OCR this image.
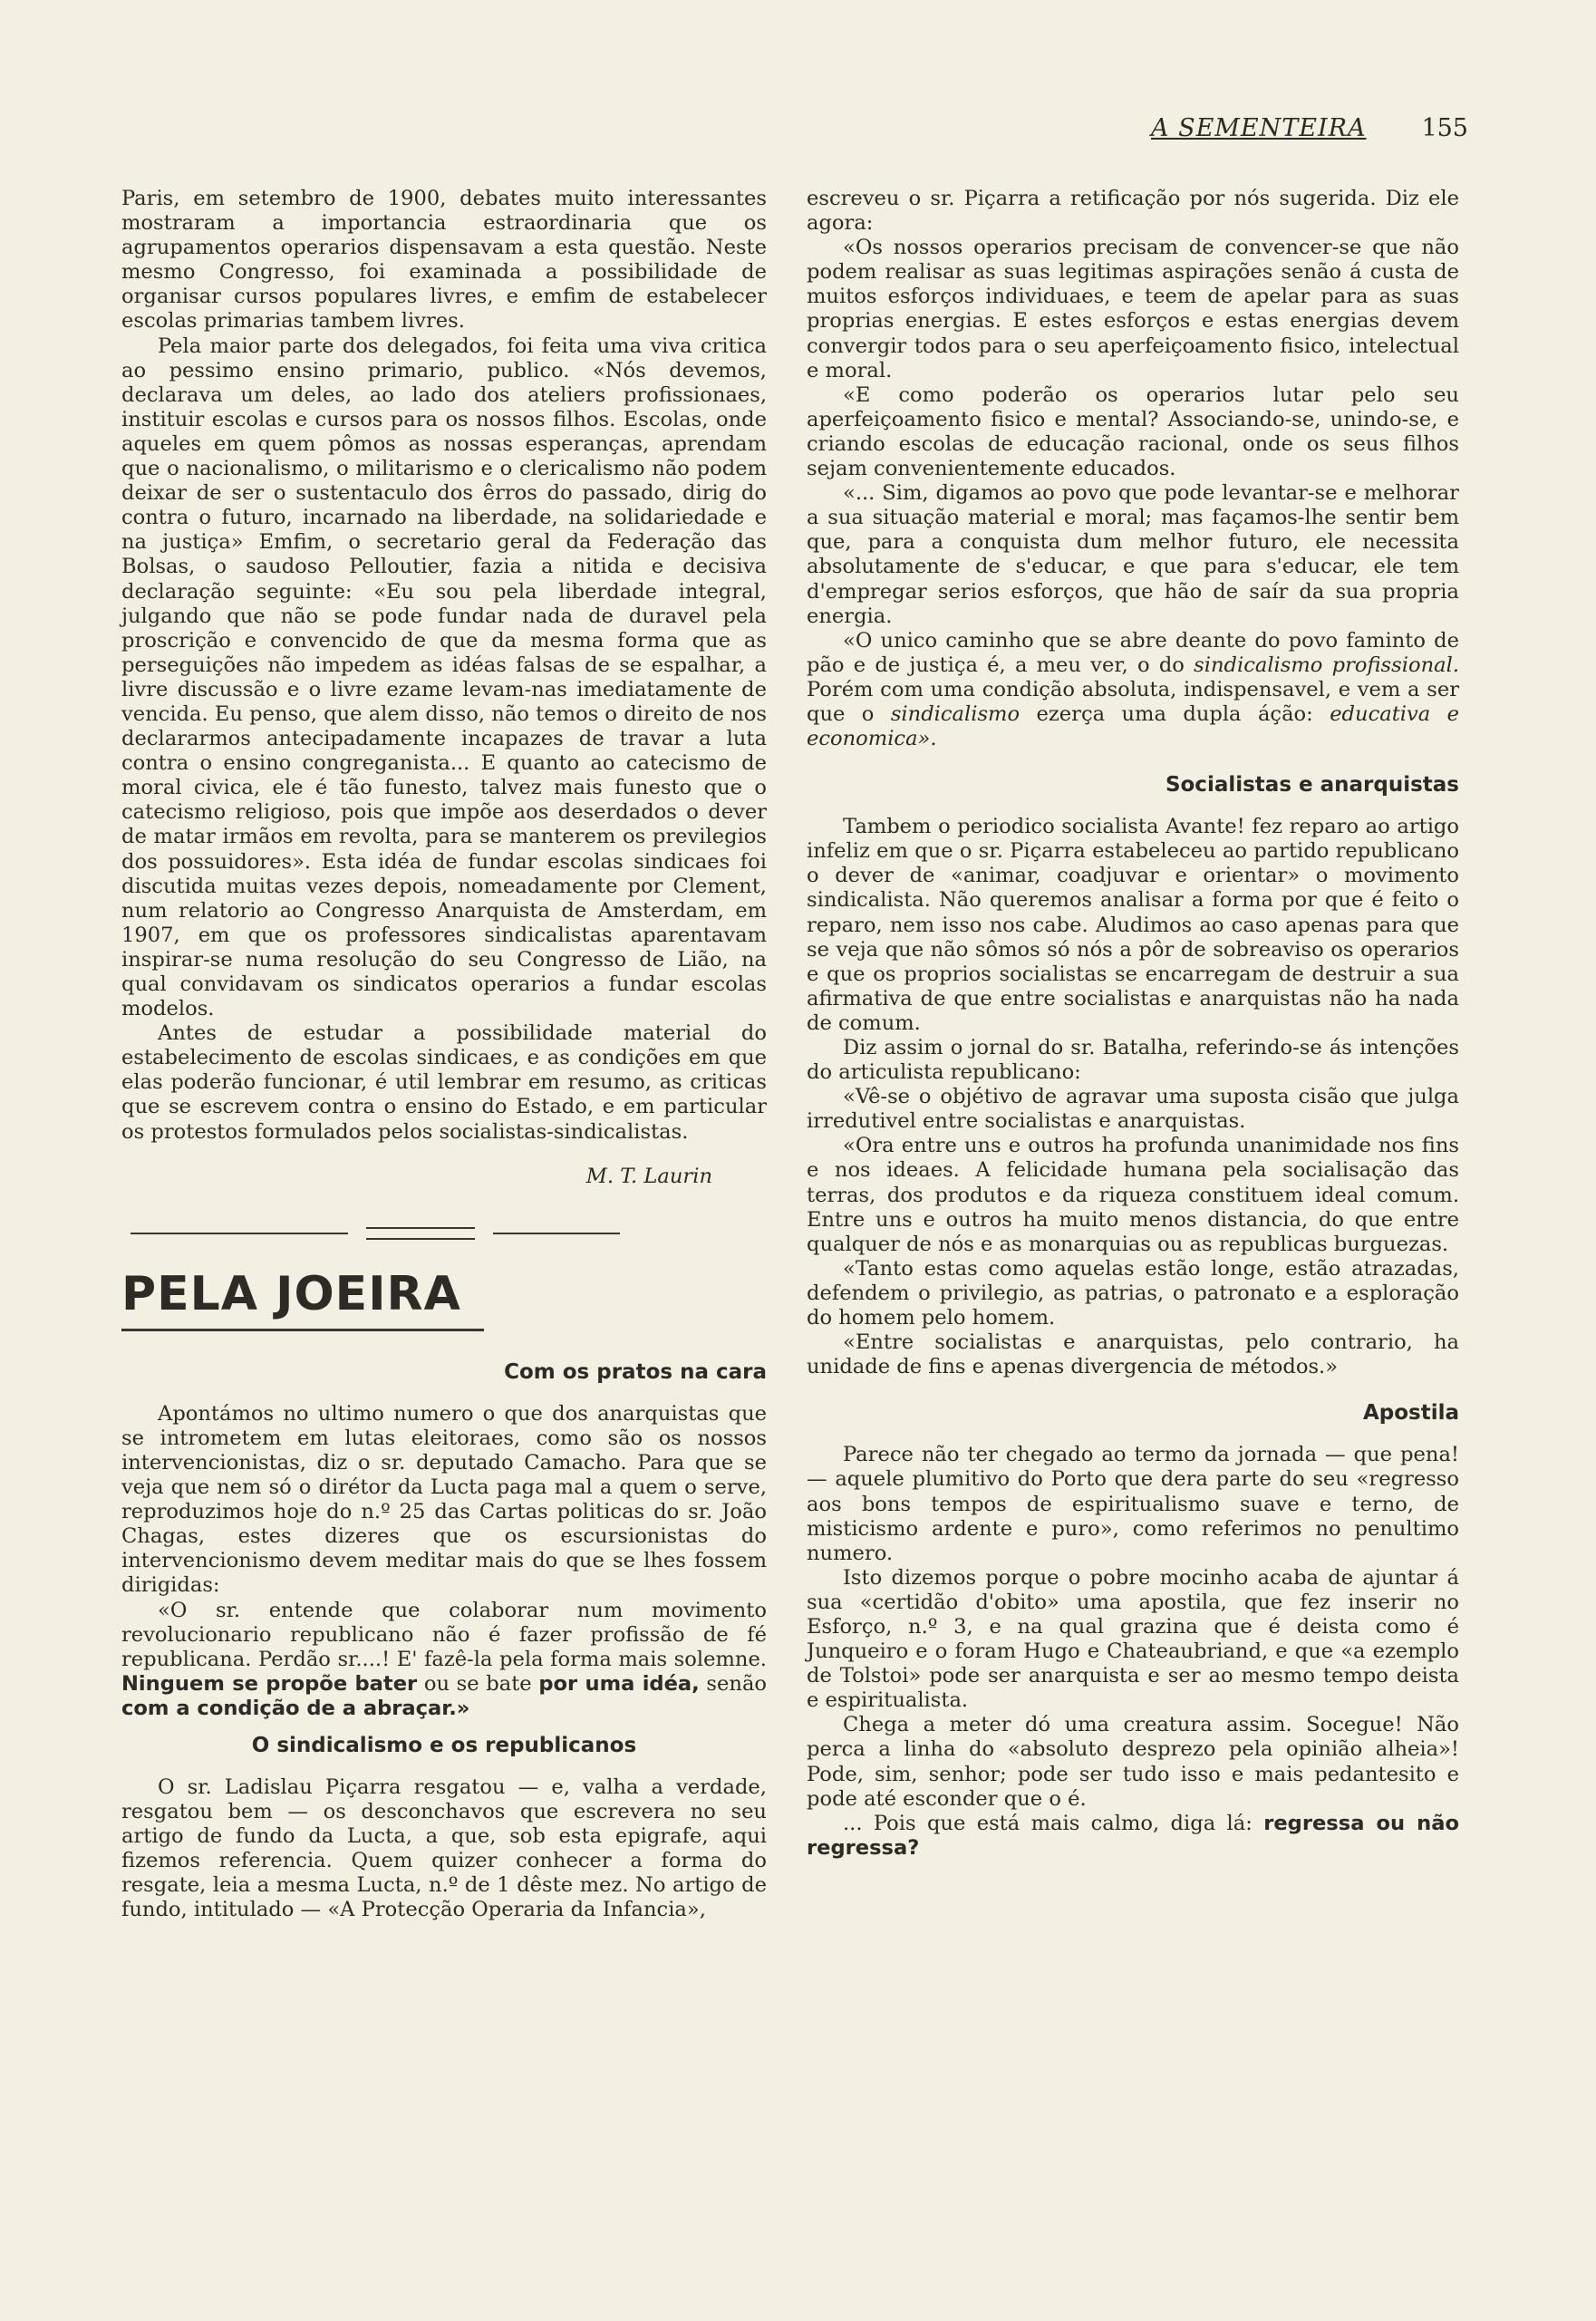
A SEMENTEIRA 155

Paris, em setembro de 1900, debates muito interessantes mostraram a importancia estraordinaria que os agrupamentos operarios dispensavam a esta questão. Neste mesmo Congresso, foi examinada a possibilidade de organisar cursos populares livres, e emfim de estabelecer escolas primarias tambem livres.

Pela maior parte dos delegados, foi feita uma viva critica ao pessimo ensino primario, publico. «Nós devemos, declarava um deles, ao lado dos ateliers profissionaes, instituir escolas e cursos para os nossos filhos. Escolas, onde aqueles em quem pômos as nossas esperanças, aprendam que o nacionalismo, o militarismo e o clericalismo não podem deixar de ser o sustentaculo dos êrros do passado, dirig do contra o futuro, incarnado na liberdade, na solidariedade e na justiça» Emfim, o secretario geral da Federação das Bolsas, o saudoso Pelloutier, fazia a nitida e decisiva declaração seguinte: «Eu sou pela liberdade integral, julgando que não se pode fundar nada de duravel pela proscrição e convencido de que da mesma forma que as perseguições não impedem as idéas falsas de se espalhar, a livre discussão e o livre ezame levam-nas imediatamente de vencida. Eu penso, que alem disso, não temos o direito de nos declararmos antecipadamente incapazes de travar a luta contra o ensino congreganista... E quanto ao catecismo de moral civica, ele é tão funesto, talvez mais funesto que o catecismo religioso, pois que impõe aos deserdados o dever de matar irmãos em revolta, para se manterem os previlegios dos possuidores». Esta idéa de fundar escolas sindicaes foi discutida muitas vezes depois, nomeadamente por Clement, num relatorio ao Congresso Anarquista de Amsterdam, em 1907, em que os professores sindicalistas aparentavam inspirar-se numa resolução do seu Congresso de Lião, na qual convidavam os sindicatos operarios a fundar escolas modelos.

Antes de estudar a possibilidade material do estabelecimento de escolas sindicaes, e as condições em que elas poderão funcionar, é util lembrar em resumo, as criticas que se escrevem contra o ensino do Estado, e em particular os protestos formulados pelos socialistas-sindicalistas.

M. T. Laurin
PELA JOEIRA
Com os pratos na cara

Apontámos no ultimo numero o que dos anarquistas que se intrometem em lutas eleitoraes, como são os nossos intervencionistas, diz o sr. deputado Camacho. Para que se veja que nem só o dirétor da Lucta paga mal a quem o serve, reproduzimos hoje do n.º 25 das Cartas politicas do sr. João Chagas, estes dizeres que os escursionistas do intervencionismo devem meditar mais do que se lhes fossem dirigidas:

«O sr. entende que colaborar num movimento revolucionario republicano não é fazer profissão de fé republicana. Perdão sr....! E' fazê-la pela forma mais solemne. Ninguem se propõe bater ou se bate por uma idéa, senão com a condição de a abraçar.»

O sindicalismo e os republicanos

O sr. Ladislau Piçarra resgatou — e, valha a verdade, resgatou bem — os desconchavos que escrevera no seu artigo de fundo da Lucta, a que, sob esta epigrafe, aqui fizemos referencia. Quem quizer conhecer a forma do resgate, leia a mesma Lucta, n.º de 1 dêste mez. No artigo de fundo, intitulado — «A Protecção Operaria da Infancia»,

escreveu o sr. Piçarra a retificação por nós sugerida. Diz ele agora:

«Os nossos operarios precisam de convencer-se que não podem realisar as suas legitimas aspirações senão á custa de muitos esforços individuaes, e teem de apelar para as suas proprias energias. E estes esforços e estas energias devem convergir todos para o seu aperfeiçoamento fisico, intelectual e moral.

«E como poderão os operarios lutar pelo seu aperfeiçoamento fisico e mental? Associando-se, unindo-se, e criando escolas de educação racional, onde os seus filhos sejam convenientemente educados.

«... Sim, digamos ao povo que pode levantar-se e melhorar a sua situação material e moral; mas façamos-lhe sentir bem que, para a conquista dum melhor futuro, ele necessita absolutamente de s'educar, e que para s'educar, ele tem d'empregar serios esforços, que hão de saír da sua propria energia.

«O unico caminho que se abre deante do povo faminto de pão e de justiça é, a meu ver, o do sindicalismo profissional. Porém com uma condição absoluta, indispensavel, e vem a ser que o sindicalismo ezerça uma dupla áção: educativa e economica».

Socialistas e anarquistas

Tambem o periodico socialista Avante! fez reparo ao artigo infeliz em que o sr. Piçarra estabeleceu ao partido republicano o dever de «animar, coadjuvar e orientar» o movimento sindicalista. Não queremos analisar a forma por que é feito o reparo, nem isso nos cabe. Aludimos ao caso apenas para que se veja que não sômos só nós a pôr de sobreaviso os operarios e que os proprios socialistas se encarregam de destruir a sua afirmativa de que entre socialistas e anarquistas não ha nada de comum.

Diz assim o jornal do sr. Batalha, referindo-se ás intenções do articulista republicano:

«Vê-se o objétivo de agravar uma suposta cisão que julga irredutivel entre socialistas e anarquistas.

«Ora entre uns e outros ha profunda unanimidade nos fins e nos ideaes. A felicidade humana pela socialisação das terras, dos produtos e da riqueza constituem ideal comum. Entre uns e outros ha muito menos distancia, do que entre qualquer de nós e as monarquias ou as republicas burguezas.

«Tanto estas como aquelas estão longe, estão atrazadas, defendem o privilegio, as patrias, o patronato e a esploração do homem pelo homem.

«Entre socialistas e anarquistas, pelo contrario, ha unidade de fins e apenas divergencia de métodos.»

Apostila

Parece não ter chegado ao termo da jornada — que pena! — aquele plumitivo do Porto que dera parte do seu «regresso aos bons tempos de espiritualismo suave e terno, de misticismo ardente e puro», como referimos no penultimo numero.

Isto dizemos porque o pobre mocinho acaba de ajuntar á sua «certidão d'obito» uma apostila, que fez inserir no Esforço, n.º 3, e na qual grazina que é deista como é Junqueiro e o foram Hugo e Chateaubriand, e que «a ezemplo de Tolstoi» pode ser anarquista e ser ao mesmo tempo deista e espiritualista.

Chega a meter dó uma creatura assim. Socegue! Não perca a linha do «absoluto desprezo pela opinião alheia»! Pode, sim, senhor; pode ser tudo isso e mais pedantesito e pode até esconder que o é.

... Pois que está mais calmo, diga lá: regressa ou não regressa?
